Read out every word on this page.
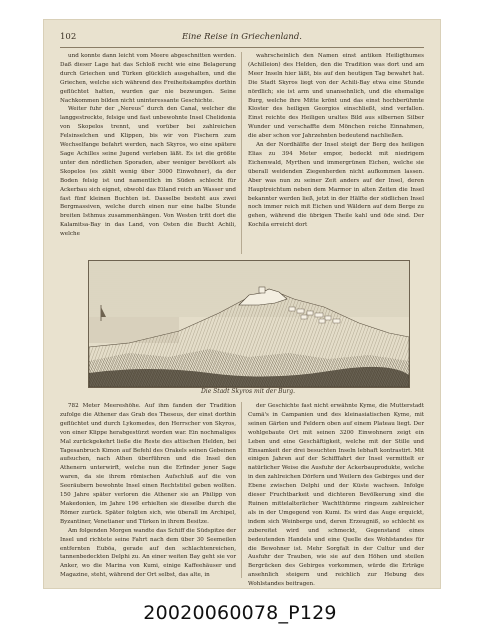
102	Eine Reise in Griechenland.

und konnte dann leicht vom Meere abgeschnitten werden. Daß dieser Lage hat das Schloß recht wie eine Belagerung durch Griechen und Türken glücklich ausgehalten, und die Griechen, welche sich während des Freiheitskampfes dorthin geflüchtet hatten, wurden gar nie bezwungen. Seine Nachkommen bilden nicht uninteressante Geschichte.

Weiter fuhr der „Nereus“ durch den Canal, welcher die langgestreckte, felsige und fast unbewohnte Insel Chelidonia von Skopelos trennt, und vorüber bei zahlreichen Felsinselchen und Klippen, bis wir von Fischern zum Wechselfange befahrt werden, nach Skyros, wo eine spätere Sage Achilles seine Jugend verleben läßt. Es ist die größte unter den nördlichen Sporaden, aber weniger bevölkert als Skopelos (es zählt wenig über 3000 Einwohner), da der Boden felsig ist und namentlich im Süden schlecht für Ackerbau sich eignet, obwohl das Eiland reich an Wasser und fast fünf kleinen Buchten ist. Dasselbe besteht aus zwei Bergmassiven, welche durch einen nur eine halbe Stunde breiten Isthmus zusammenhängen. Von Westen tritt dort die Kalamitsa-Bay in das Land, von Osten die Bucht Achili, welche

wahrscheinlich den Namen einst antiken Heiligthumes (Achilleion) des Helden, den die Tradition was dort und am Meer Inseln hier läßt, bis auf den heutigen Tag bewahrt hat. Die Stadt Skyros liegt von der Achili-Bay etwa eine Stunde nördlich; sie ist arm und unansehnlich, und die ehemalige Burg, welche ihre Mitte krönt und das einst hochberühmte Kloster des heiligen Georgios einschließt, sind verfallen. Einst reichte des Heiligen uraltes Bild aus silbernen Silber Wunder und verschaffte dem Mönchen reiche Einnahmen, die aber schon vor Jahrzehnten bedeutend nachließen.

An der Nordhälfte der Insel steigt der Berg des heiligen Elias zu 394 Meter empor, bedeckt mit niedrigem Eichenwald, Myrthen und immergrünen Eichen, welche sie überall weidenden Ziegenherden nicht aufkommen lassen. Aber was nun zu seiner Zeit anders auf der Insel, deren Hauptreichtum neben dem Marmor in alten Zeiten die Insel bekannter werden ließ, jetzt in der Hälfte der südlichen Insel noch immer reich mit Eichen und Wäldern auf dem Berge zu gehen, während die übrigen Theile kahl und öde sind. Der Kochila erreicht dort

Die Stadt Skyros mit der Burg.

782 Meter Meereshöhe. Auf ihm fanden der Tradition zufolge die Athener das Grab des Theseus, der einst dorthin geflüchtet und durch Lykomedes, den Herrscher von Skyros, von einer Klippe herabgestürzt worden war. Ein nochmaliges Mal zurückgekehrt ließe die Reste des attischen Helden, bei Tagesanbruch Kimon auf Befehl des Orakels seinen Gebeinen aufsuchen, nach Athen überführen und die Insel den Athenern unterwirft, welche nun die Erfinder jener Sage waren, da sie ihrem römischen Aufschluß auf die von Seeräubern bewohnte Insel einen Rechtstitel geben wollten. 150 Jahre später verloren die Athener sie an Philipp von Makedonien, im Jahre 196 erhielten sie dieselbe durch die Römer zurück. Später folgten sich, wie überall im Archipel, Byzantiner, Venetianer und Türken in ihrem Besitze.

Am folgenden Morgen wandte das Schiff die Südspitze der Insel und richtete seine Fahrt nach dem über 30 Seemeilen entfernten Euböa, gerade auf den schlachtenreichen, tannenbedeckten Delphi zu. An einer weiten Bay geht sie vor Anker, wo die Marina von Kumi, einige Kaffeehäuser und Magazine, steht, während der Ort selbst, das alte, in

der Geschichte fast nicht erwähnte Kyme, die Mutterstadt Cumä's in Campanien und des kleinasiatischen Kyme, mit seinen Gärten und Feldern oben auf einem Plateau liegt. Der wohlgebaute Ort mit seinen 3200 Einwohnern zeigt ein Leben und eine Geschäftigkeit, welche mit der Stille und Einsamkeit der drei besuchten Inseln lebhaft kontrastirt. Mit einigen Jahren auf der Schifffahrt der Insel vermittelt er natürlicher Weise die Ausfuhr der Ackerbauprodukte, welche in den zahlreichen Dörfern und Weilern des Gebirges und der Ebene zwischen Delphi und der Küste wachsen. Infolge dieser Fruchtbarkeit und dichteren Bevölkerung sind die Ruinen mittelalterlicher Wachtthürme ringsum zahlreicher als in der Umgegend von Kumi. Es wird das Auge erquickt, indem sich Weinberge und, deren Erzeugniß, so schlecht es zubereitet wird und schmeckt, Gegenstand eines bedeutenden Handels und eine Quelle des Wohlstandes für die Bewohner ist. Mehr Sorgfalt in der Cultur und der Ausfuhr der Trauben, wie sie auf den Höhen und steilen Bergrücken des Gebirges vorkommen, würde die Erträge ansehnlich steigern und reichlich zur Hebung des Wohlstandes beitragen.

20020060078_P129
